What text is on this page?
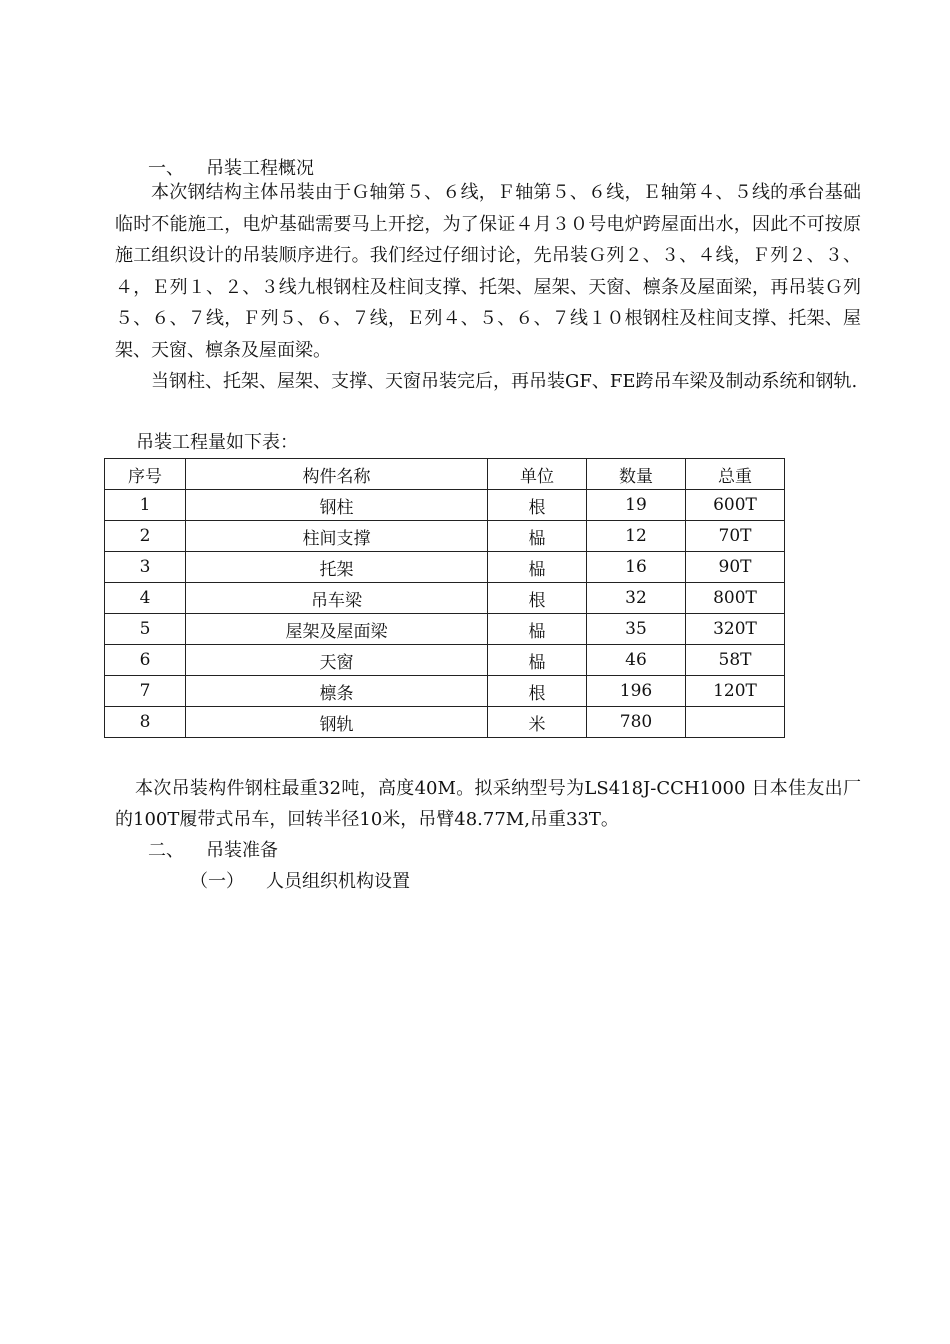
一、 吊装工程概况
本次钢结构主体吊装由于Ｇ轴第５、６线，Ｆ轴第５、６线，Ｅ轴第４、５线的承台基础临时不能施工，电炉基础需要马上开挖，为了保证４月３０号电炉跨屋面出水，因此不可按原施工组织设计的吊装顺序进行。我们经过仔细讨论，先吊装Ｇ列２、３、４线，Ｆ列２、３、４，Ｅ列１、２、３线九根钢柱及柱间支撑、托架、屋架、天窗、檩条及屋面梁，再吊装Ｇ列５、６、７线，Ｆ列５、６、７线，Ｅ列４、５、６、７线１０根钢柱及柱间支撑、托架、屋架、天窗、檩条及屋面梁。
当钢柱、托架、屋架、支撑、天窗吊装完后，再吊装GF、FE跨吊车梁及制动系统和钢轨.
吊装工程量如下表：
序号	构件名称	单位	数量	总重
1	钢柱	根	19	600T
2	柱间支撑	榀	12	70T
3	托架	榀	16	90T
4	吊车梁	根	32	800T
5	屋架及屋面梁	榀	35	320T
6	天窗	榀	46	58T
7	檩条	根	196	120T
8	钢轨	米	780	
本次吊装构件钢柱最重32吨，高度40M。拟采纳型号为LS418J-CCH1000 日本佳友出厂的100T履带式吊车，回转半径10米，吊臂48.77M,吊重33T。
二、 吊装准备
（一） 人员组织机构设置
